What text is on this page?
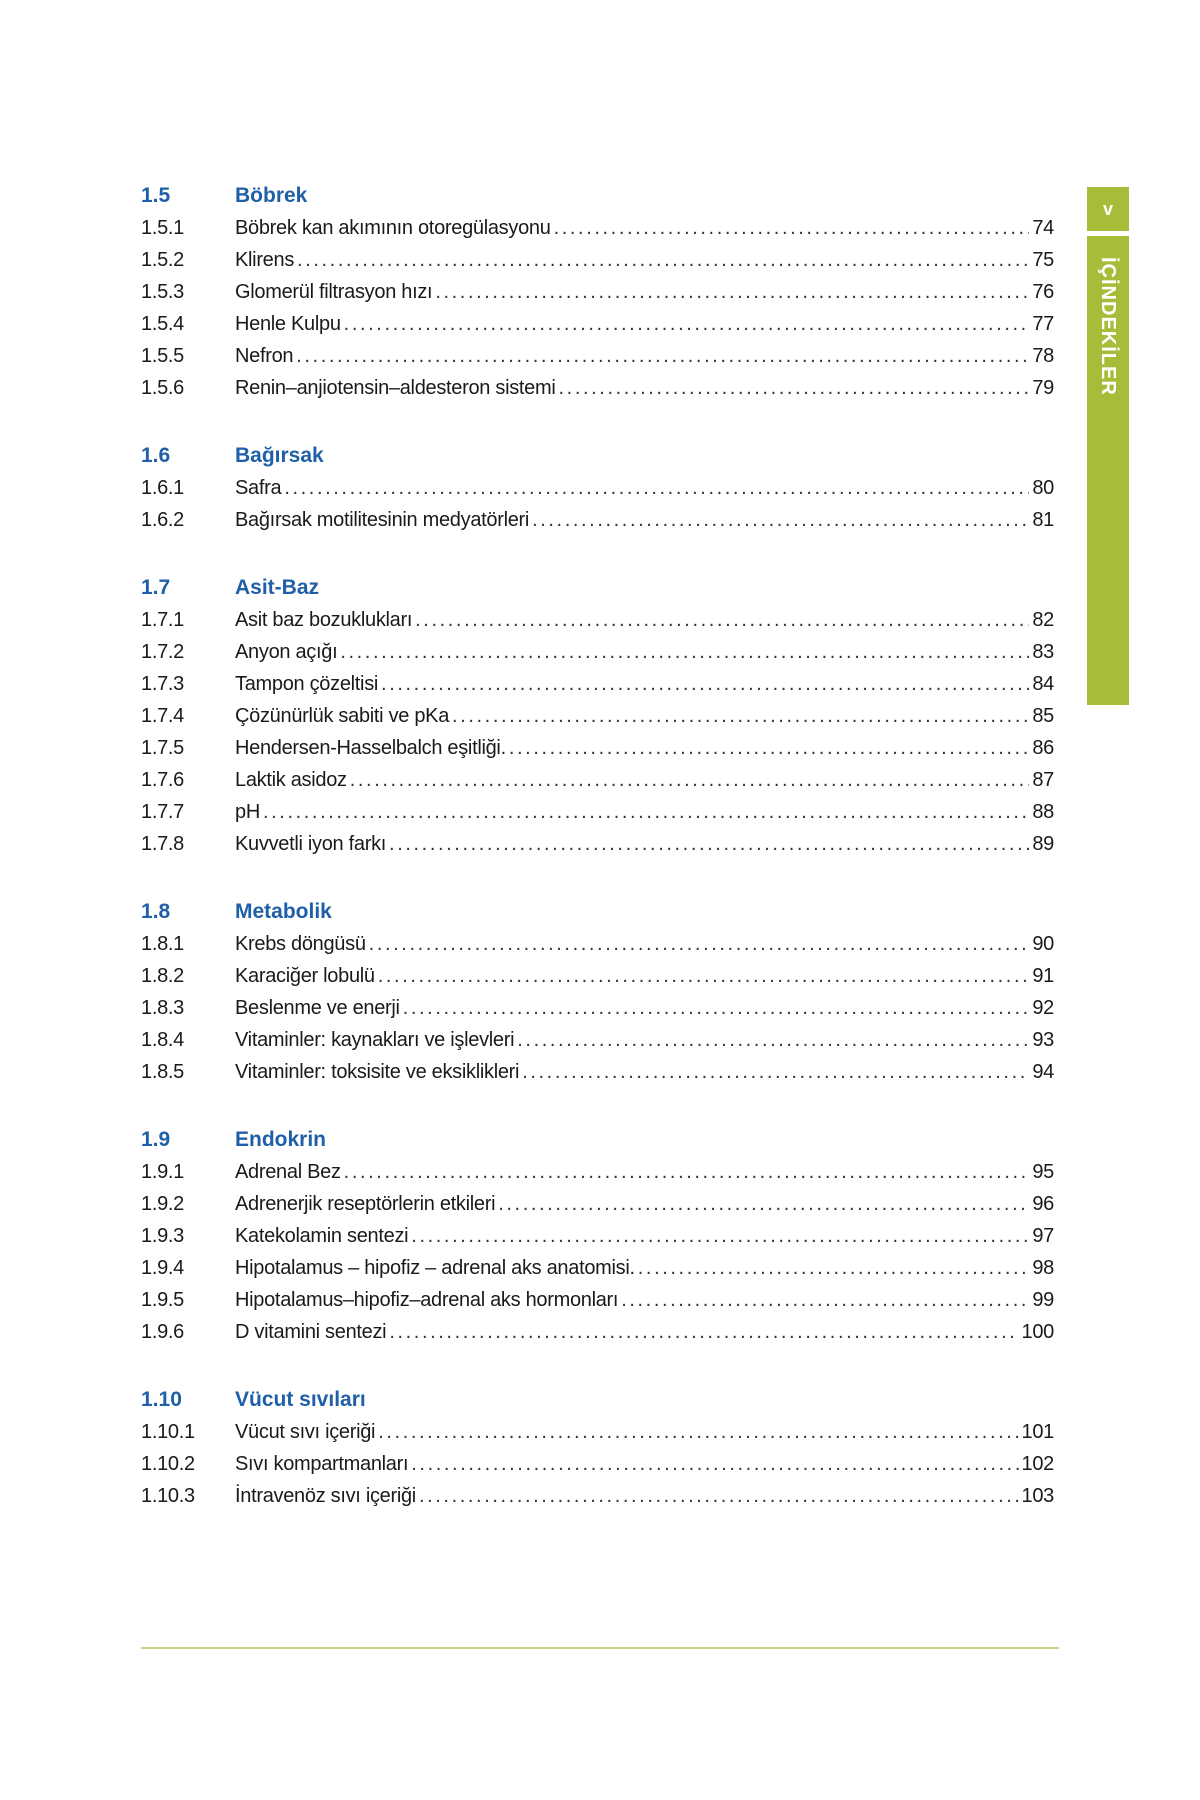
1.5	Böbrek
1.5.1	Böbrek kan akımının otoregülasyonu .....	74
1.5.2	Klirens .....	75
1.5.3	Glomerül filtrasyon hızı .....	76
1.5.4	Henle Kulpu .....	77
1.5.5	Nefron .....	78
1.5.6	Renin–anjiotensin–aldesteron sistemi .....	79
1.6	Bağırsak
1.6.1	Safra .....	80
1.6.2	Bağırsak motilitesinin medyatörleri .....	81
1.7	Asit-Baz
1.7.1	Asit baz bozuklukları .....	82
1.7.2	Anyon açığı .....	83
1.7.3	Tampon çözeltisi .....	84
1.7.4	Çözünürlük sabiti ve pKa .....	85
1.7.5	Hendersen-Hasselbalch eşitliği. .....	86
1.7.6	Laktik asidoz .....	87
1.7.7	pH .....	88
1.7.8	Kuvvetli iyon farkı .....	89
1.8	Metabolik
1.8.1	Krebs döngüsü .....	90
1.8.2	Karaciğer lobulü .....	91
1.8.3	Beslenme ve enerji .....	92
1.8.4	Vitaminler: kaynakları ve işlevleri .....	93
1.8.5	Vitaminler: toksisite ve eksiklikleri .....	94
1.9	Endokrin
1.9.1	Adrenal Bez .....	95
1.9.2	Adrenerjik reseptörlerin etkileri .....	96
1.9.3	Katekolamin sentezi .....	97
1.9.4	Hipotalamus – hipofiz – adrenal aks anatomisi. .....	98
1.9.5	Hipotalamus–hipofiz–adrenal aks hormonları .....	99
1.9.6	D vitamini sentezi .....	100
1.10	Vücut sıvıları
1.10.1	Vücut sıvı içeriği .....	101
1.10.2	Sıvı kompartmanları .....	102
1.10.3	İntravenöz sıvı içeriği .....	103
v
İÇİNDEKİLER
